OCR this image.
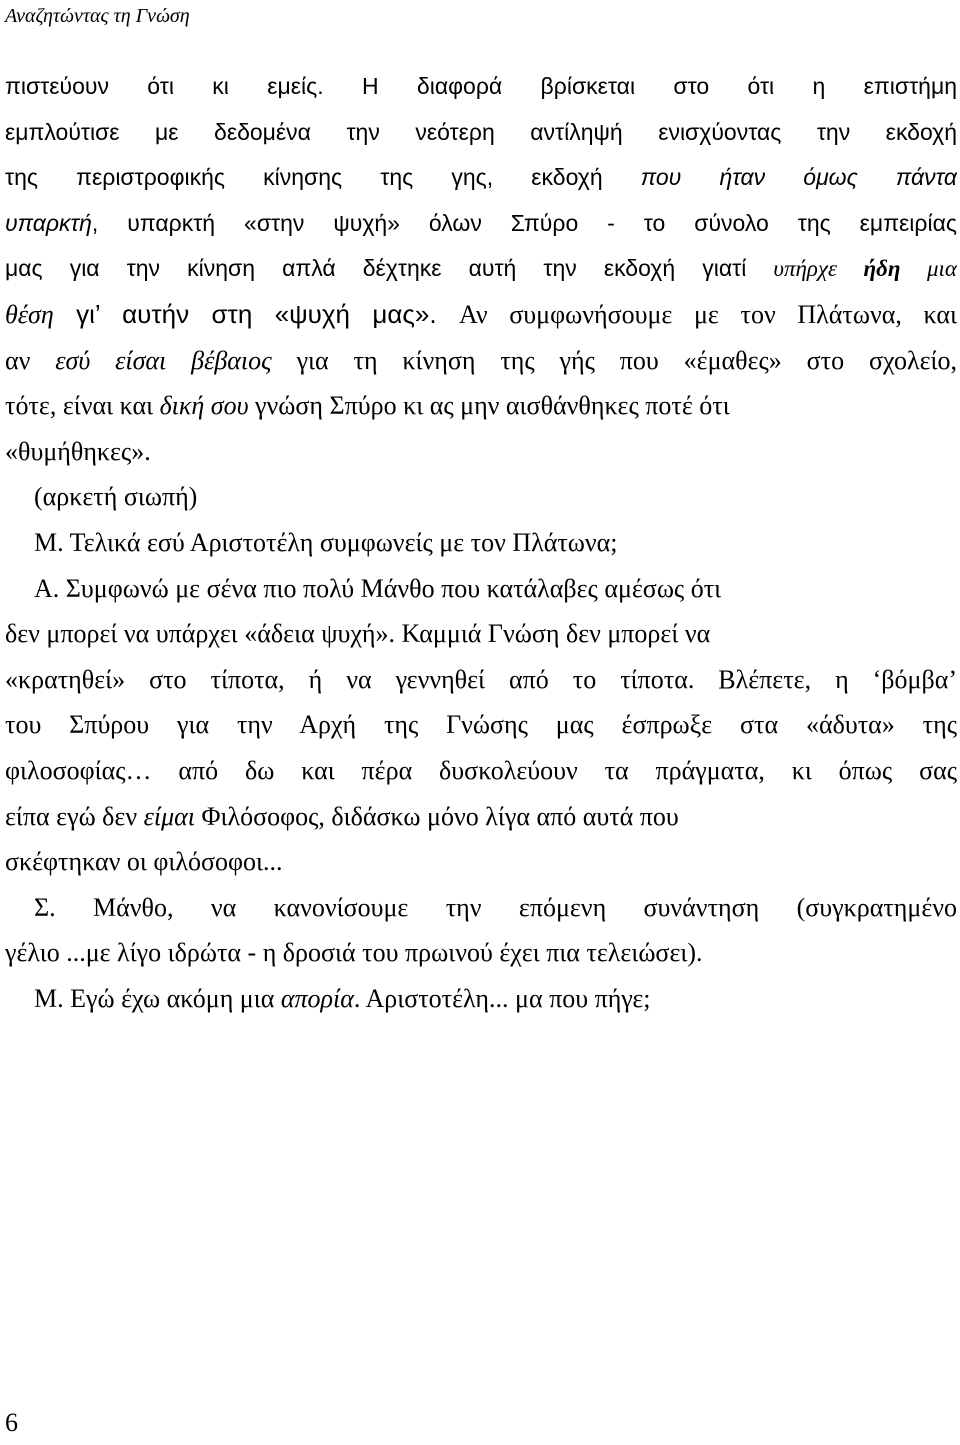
Αναζητώντας τη Γνώση
πιστεύουν ότι κι εμείς. Η διαφορά βρίσκεται στο ότι η επιστήμη
εμπλούτισε με δεδομένα την νεότερη αντίληψή ενισχύοντας την εκδοχή
της περιστροφικής κίνησης της γης, εκδοχή που ήταν όμως πάντα
υπαρκτή, υπαρκτή «στην ψυχή» όλων Σπύρο - το σύνολο της εμπειρίας
μας για την κίνηση απλά δέχτηκε αυτή την εκδοχή γιατί υπήρχε ήδη μια
θέση γι’ αυτήν στη «ψυχή μας». Αν συμφωνήσουμε με τον Πλάτωνα, και
αν εσύ είσαι βέβαιος για τη κίνηση της γής που «έμαθες» στο σχολείο,
τότε, είναι και δική σου γνώση Σπύρο κι ας μην αισθάνθηκες ποτέ ότι
«θυμήθηκες».
(αρκετή σιωπή)
Μ. Τελικά εσύ Αριστοτέλη συμφωνείς με τον Πλάτωνα;
Α. Συμφωνώ με σένα πιο πολύ Μάνθο που κατάλαβες αμέσως ότι
δεν μπορεί να υπάρχει «άδεια ψυχή». Καμμιά Γνώση δεν μπορεί να
«κρατηθεί» στο τίποτα, ή να γεννηθεί από το τίποτα. Βλέπετε, η ‘βόμβα’
του Σπύρου για την Αρχή της Γνώσης μας έσπρωξε στα «άδυτα» της
φιλοσοφίας… από δω και πέρα δυσκολεύουν τα πράγματα, κι όπως σας
είπα εγώ δεν είμαι Φιλόσοφος, διδάσκω μόνο λίγα από αυτά που
σκέφτηκαν οι φιλόσοφοι...
Σ. Μάνθο, να κανονίσουμε την επόμενη συνάντηση (συγκρατημένο
γέλιο ...με λίγο ιδρώτα - η δροσιά του πρωινού έχει πια τελειώσει).
Μ. Εγώ έχω ακόμη μια απορία. Αριστοτέλη... μα που πήγε;
6
